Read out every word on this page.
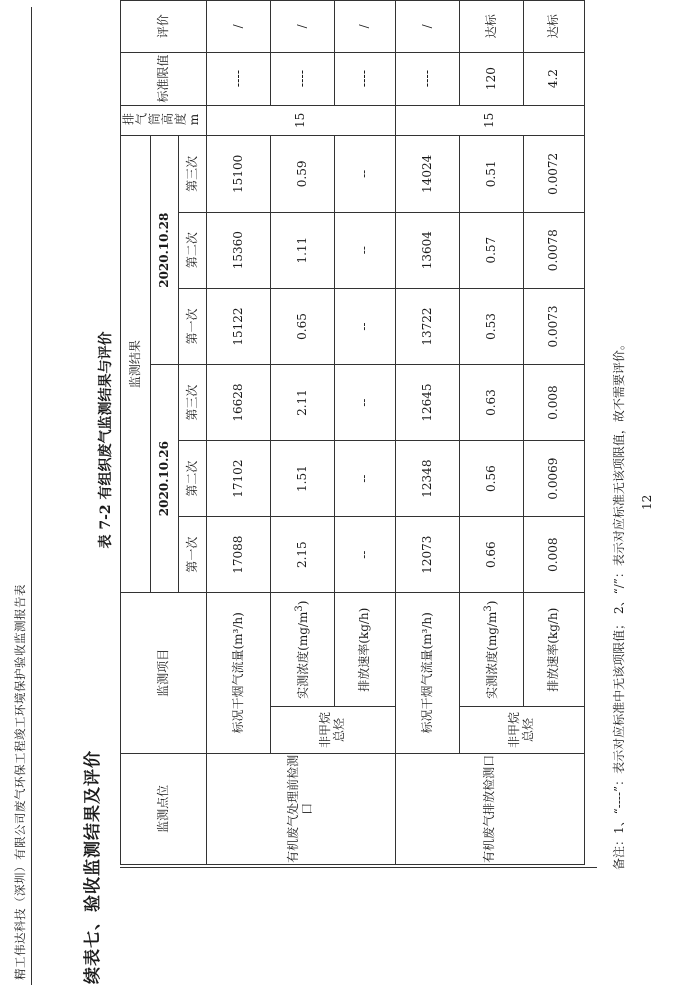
精工伟达科技（深圳）有限公司废气环保工程竣工环境保护验收监测报告表	续表七、验收监测结果及评价
表 7-2 有组织废气监测结果与评价
监测点位	监测项目		监测结果						排气筒高度m	标准限值	评价
			2020.10.26			2020.10.28					
			第一次	第二次	第三次	第一次	第二次	第三次			
有机废气处理前检测口	标况干烟气流量(m³/h)		17088	17102	16628	15122	15360	15100	15	----	/
	非甲烷总烃	实测浓度$(mg/m^3)$	2.15	1.51	2.11	0.65	1.11	0.59		----	/
		排放速率(kg/h)	--	--	--	--	--	--		----	/
有机废气排放检测口	标况干烟气流量(m³/h)		12073	12348	12645	13722	13604	14024	15	----	/
	非甲烷总烃	实测浓度$(mg/m^3)$	0.66	0.56	0.63	0.53	0.57	0.51		120	达标
		排放速率(kg/h)	0.008	0.0069	0.008	0.0073	0.0078	0.0072		4.2	达标
备注：1、“----”：表示对应标准中无该项限值； 2、“/”：表示对应标准无该项限值，故不需要评价。 12
